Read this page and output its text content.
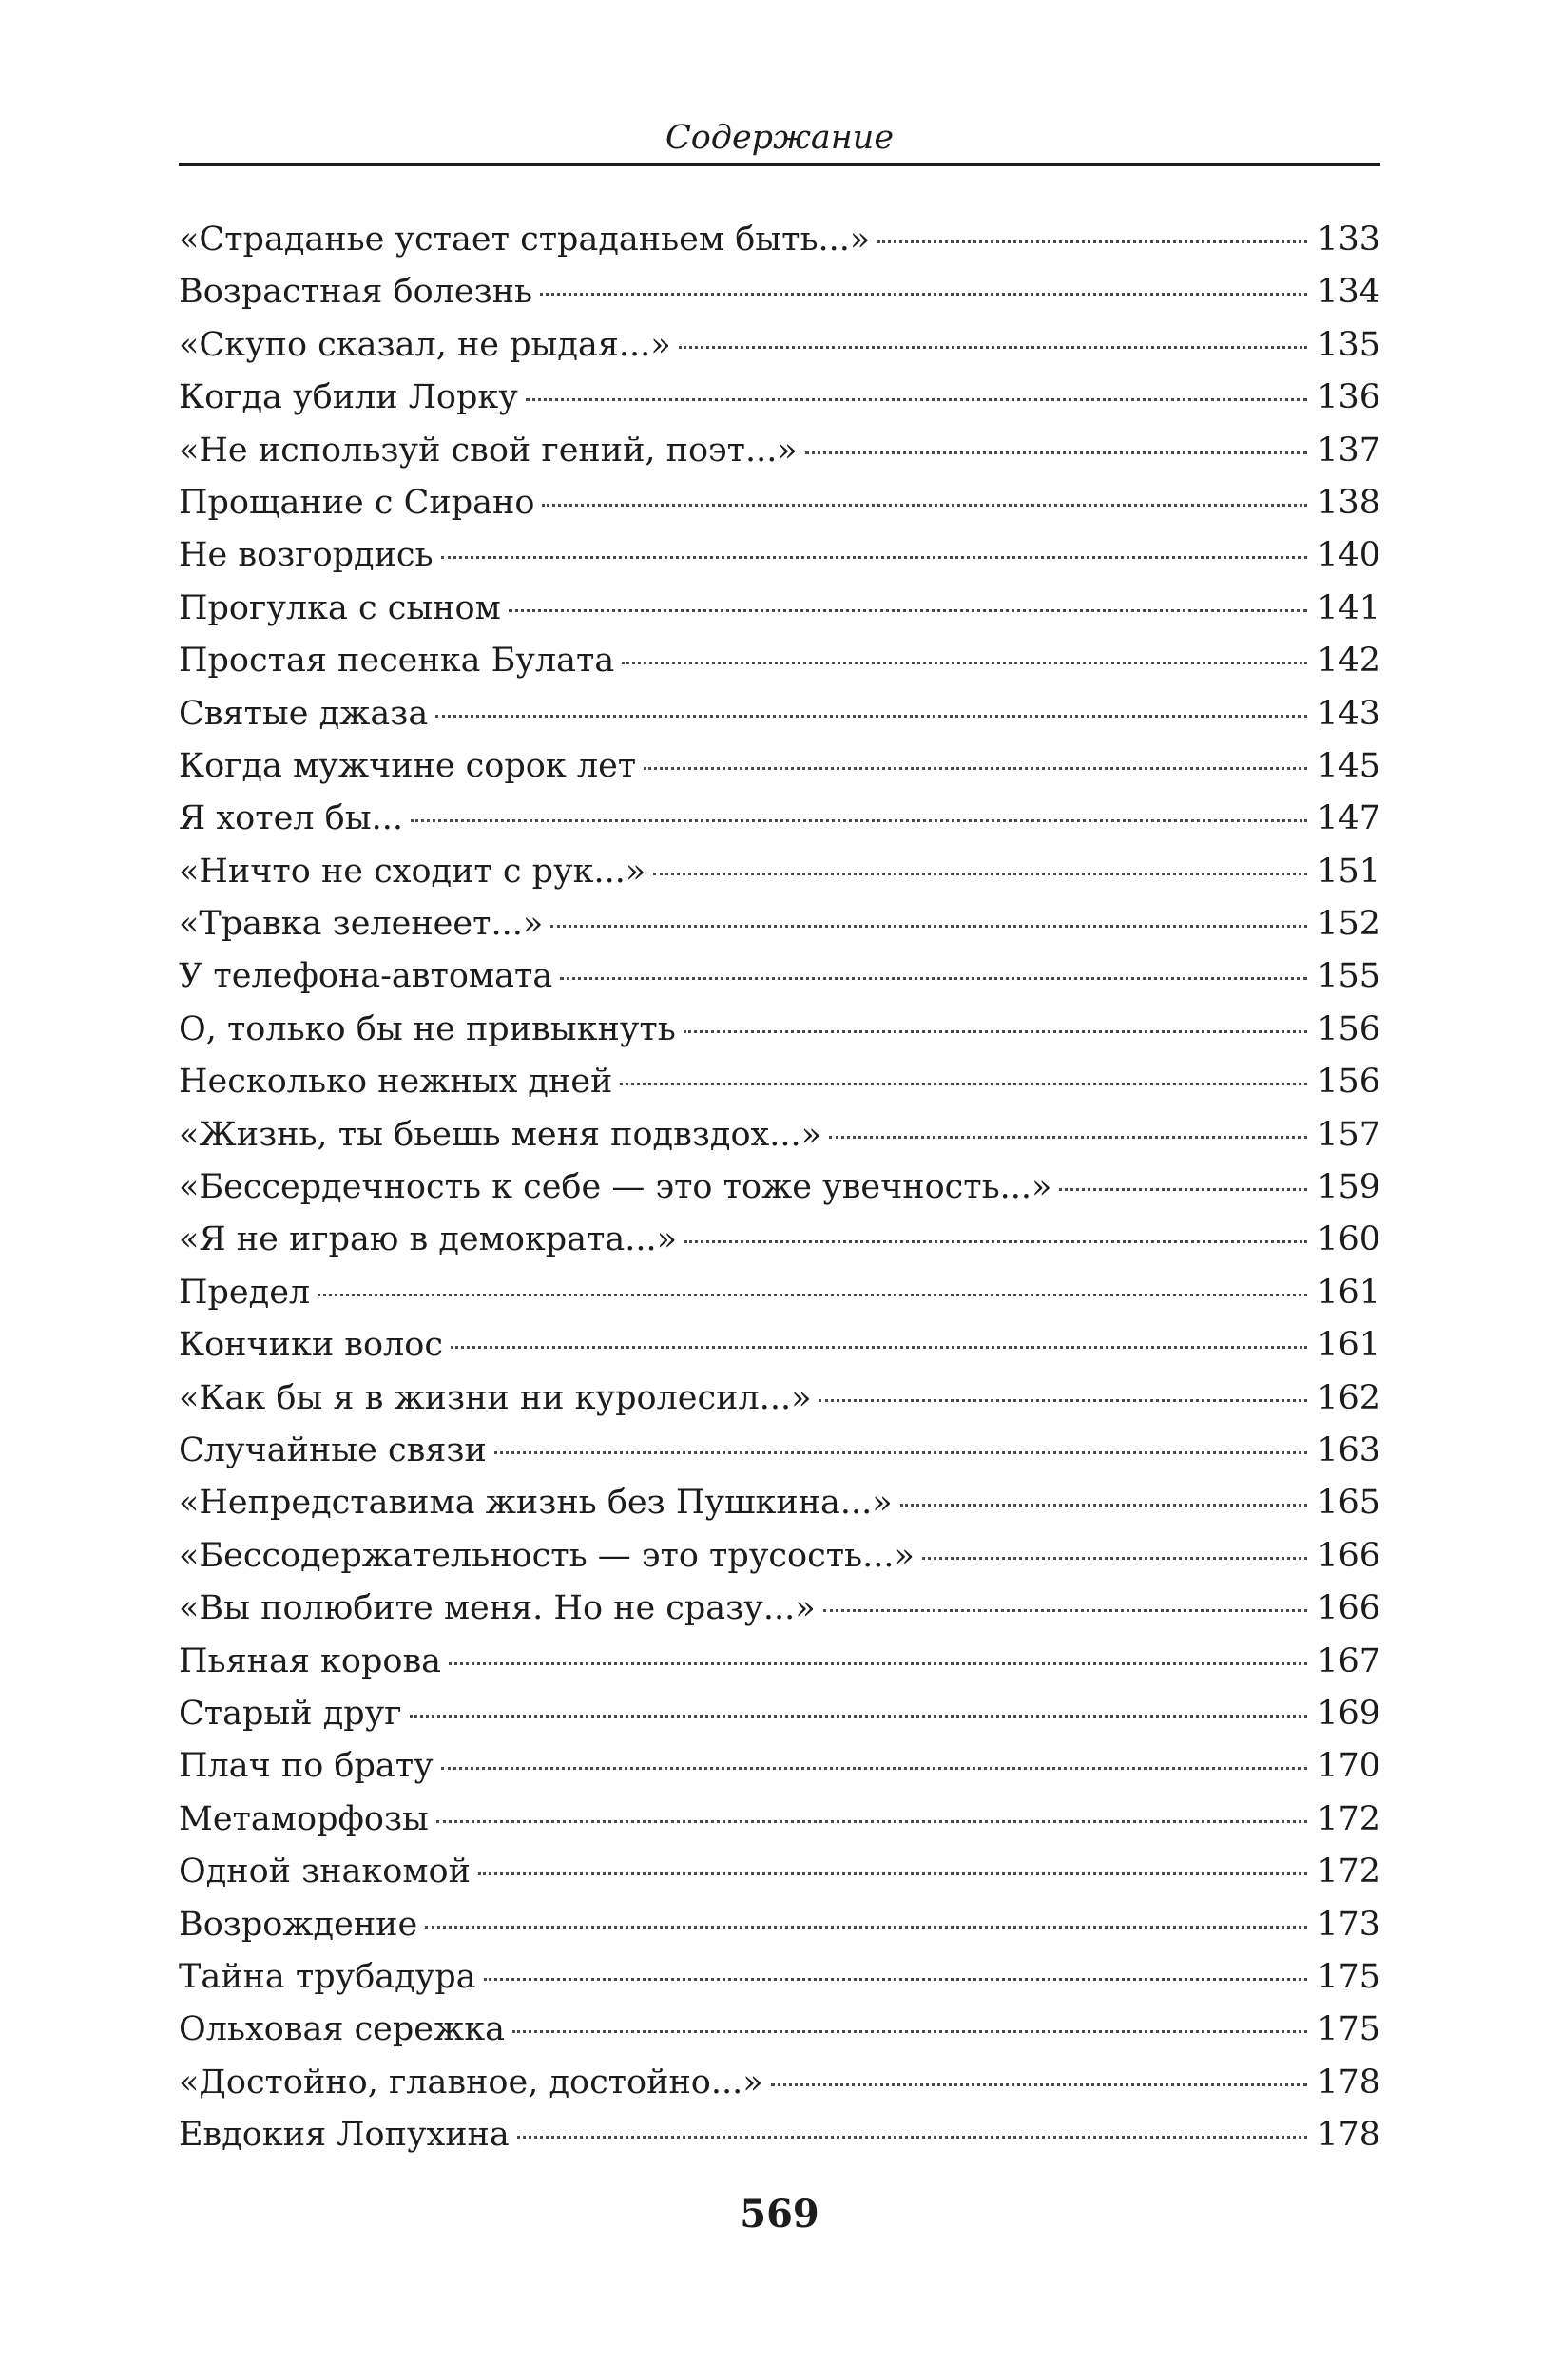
Содержание
«Страданье устает страданьем быть...»	133
Возрастная болезнь	134
«Скупо сказал, не рыдая...»	135
Когда убили Лорку	136
«Не используй свой гений, поэт...»	137
Прощание с Сирано	138
Не возгордись	140
Прогулка с сыном	141
Простая песенка Булата	142
Святые джаза	143
Когда мужчине сорок лет	145
Я хотел бы...	147
«Ничто не сходит с рук...»	151
«Травка зеленеет...»	152
У телефона-автомата	155
О, только бы не привыкнуть	156
Несколько нежных дней	156
«Жизнь, ты бьешь меня подвздох...»	157
«Бессердечность к себе — это тоже увечность...»	159
«Я не играю в демократа...»	160
Предел	161
Кончики волос	161
«Как бы я в жизни ни куролесил...»	162
Случайные связи	163
«Непредставима жизнь без Пушкина...»	165
«Бессодержательность — это трусость...»	166
«Вы полюбите меня. Но не сразу...»	166
Пьяная корова	167
Старый друг	169
Плач по брату	170
Метаморфозы	172
Одной знакомой	172
Возрождение	173
Тайна трубадура	175
Ольховая сережка	175
«Достойно, главное, достойно...»	178
Евдокия Лопухина	178
569
